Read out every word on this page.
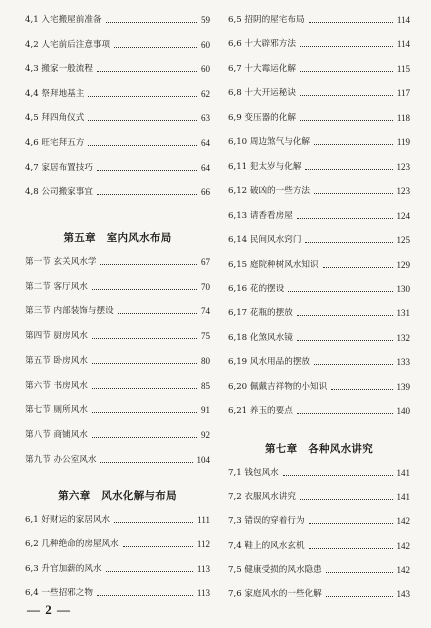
4,1 入宅搬屋前准备	59
4,2 人宅前后注意事项	60
4,3 搬家一般流程	60
4,4 祭拜地基主	62
4,5 拜四角仪式	63
4,6 旺宅拜五方	64
4,7 家居布置技巧	64
4,8 公司搬家事宜	66
第五章　室内风水布局
第一节 玄关风水学	67
第二节 客厅风水	70
第三节 内部装饰与摆设	74
第四节 厨房风水	75
第五节 卧房风水	80
第六节 书房风水	85
第七节 厕所风水	91
第八节 商铺风水	92
第九节 办公室风水	104
第六章　风水化解与布局
6,1 好财运的家居风水	111
6,2 几种绝命的房屋风水	112
6,3 升官加薪的风水	113
6,4 一些招邪之物	113
6,5 招阴的屋宅布局	114
6,6 十大辟邪方法	114
6,7 十大霉运化解	115
6,8 十大开运秘诀	117
6,9 变压器的化解	118
6,10 周边煞气与化解	119
6,11 犯太岁与化解	123
6,12 破凶的一些方法	123
6,13 请香看房屋	124
6,14 民间风水窍门	125
6,15 庭院种树风水知识	129
6,16 花的摆设	130
6,17 花瓶的摆放	131
6,18 化煞风水镜	132
6,19 风水用品的摆放	133
6,20 佩戴吉祥物的小知识	139
6,21 养玉的要点	140
第七章　各种风水讲究
7,1 钱包风水	141
7,2 衣服风水讲究	141
7,3 错误的穿着行为	142
7,4 鞋上的风水玄机	142
7,5 健康受损的风水隐患	142
7,6 家庭风水的一些化解	143
— 2 —
